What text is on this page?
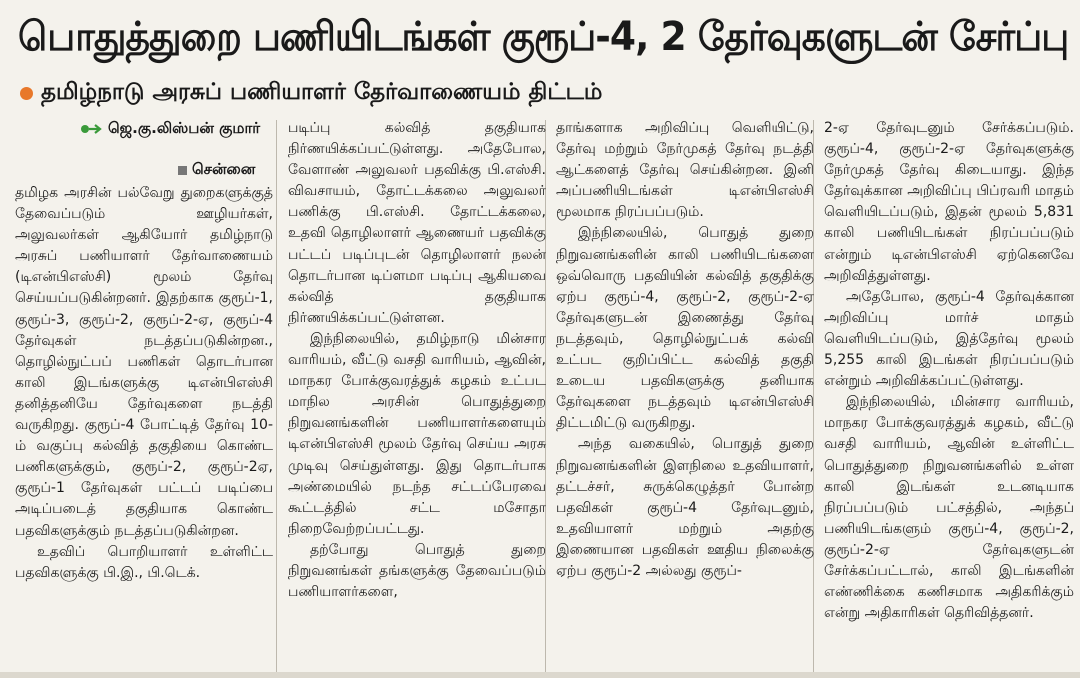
பொதுத்துறை பணியிடங்கள் குரூப்-4, 2 தேர்வுகளுடன் சேர்ப்பு
தமிழ்நாடு அரசுப் பணியாளர் தேர்வாணையம் திட்டம்
ஜெ.கு.லிஸ்பன் குமார்
சென்னை

தமிழக அரசின் பல்வேறு துறைகளுக்குத் தேவைப்படும் ஊழியர்கள், அலுவலர்கள் ஆகியோர் தமிழ்நாடு அரசுப் பணியாளர் தேர்வாணையம் (டிஎன்பிஎஸ்சி) மூலம் தேர்வு செய்யப்படுகின்றனர். இதற்காக குரூப்-1, குரூப்-3, குரூப்-2, குரூப்-2-ஏ, குரூப்-4 தேர்வுகள் நடத்தப்படுகின்றன., தொழில்நுட்பப் பணிகள் தொடர்பான காலி இடங்களுக்கு டிஎன்பிஎஸ்சி தனித்தனியே தேர்வுகளை நடத்தி வருகிறது. குரூப்-4 போட்டித் தேர்வு 10-ம் வகுப்பு கல்வித் தகுதியை கொண்ட பணிகளுக்கும், குரூப்-2, குரூப்-2ஏ, குரூப்-1 தேர்வுகள் பட்டப் படிப்பை அடிப்படைத் தகுதியாக கொண்ட பதவிகளுக்கும் நடத்தப்படுகின்றன.

உதவிப் பொறியாளர் உள்ளிட்ட பதவிகளுக்கு பி.இ., பி.டெக்.

படிப்பு கல்வித் தகுதியாக நிர்ணயிக்கப்பட்டுள்ளது. அதேபோல, வேளாண் அலுவலர் பதவிக்கு பி.எஸ்சி. விவசாயம், தோட்டக்கலை அலுவலர் பணிக்கு பி.எஸ்சி. தோட்டக்கலை, உதவி தொழிலாளர் ஆணையர் பதவிக்கு பட்டப் படிப்புடன் தொழிலாளர் நலன் தொடர்பான டிப்ளமா படிப்பு ஆகியவை கல்வித் தகுதியாக நிர்ணயிக்கப்பட்டுள்ளன.

இந்நிலையில், தமிழ்நாடு மின்சார வாரியம், வீட்டு வசதி வாரியம், ஆவின், மாநகர போக்குவரத்துக் கழகம் உட்பட மாநில அரசின் பொதுத்துறை நிறுவனங்களின் பணியாளர்களையும் டிஎன்பிஎஸ்சி மூலம் தேர்வு செய்ய அரசு முடிவு செய்துள்ளது. இது தொடர்பாக அண்மையில் நடந்த சட்டப்பேரவை கூட்டத்தில் சட்ட மசோதா நிறைவேற்றப்பட்டது.

தற்போது பொதுத் துறை நிறுவனங்கள் தங்களுக்கு தேவைப்படும் பணியாளர்களை,

தாங்களாக அறிவிப்பு வெளியிட்டு, தேர்வு மற்றும் நேர்முகத் தேர்வு நடத்தி ஆட்களைத் தேர்வு செய்கின்றன. இனி அப்பணியிடங்கள் டிஎன்பிஎஸ்சி மூலமாக நிரப்பப்படும்.

இந்நிலையில், பொதுத் துறை நிறுவனங்களின் காலி பணியிடங்களை ஒவ்வொரு பதவியின் கல்வித் தகுதிக்கு ஏற்ப குரூப்-4, குரூப்-2, குரூப்-2-ஏ தேர்வுகளுடன் இணைத்து தேர்வு நடத்தவும், தொழில்நுட்பக் கல்வி உட்பட குறிப்பிட்ட கல்வித் தகுதி உடைய பதவிகளுக்கு தனியாக தேர்வுகளை நடத்தவும் டிஎன்பிஎஸ்சி திட்டமிட்டு வருகிறது.

அந்த வகையில், பொதுத் துறை நிறுவனங்களின் இளநிலை உதவியாளர், தட்டச்சர், சுருக்கெழுத்தர் போன்ற பதவிகள் குரூப்-4 தேர்வுடனும், உதவியாளர் மற்றும் அதற்கு இணையான பதவிகள் ஊதிய நிலைக்கு ஏற்ப குரூப்-2 அல்லது குரூப்-

2-ஏ தேர்வுடனும் சேர்க்கப்படும். குரூப்-4, குரூப்-2-ஏ தேர்வுகளுக்கு நேர்முகத் தேர்வு கிடையாது. இந்த தேர்வுக்கான அறிவிப்பு பிப்ரவரி மாதம் வெளியிடப்படும், இதன் மூலம் 5,831 காலி பணியிடங்கள் நிரப்பப்படும் என்றும் டிஎன்பிஎஸ்சி ஏற்கெனவே அறிவித்துள்ளது.

அதேபோல, குரூப்-4 தேர்வுக்கான அறிவிப்பு மார்ச் மாதம் வெளியிடப்படும், இத்தேர்வு மூலம் 5,255 காலி இடங்கள் நிரப்பப்படும் என்றும் அறிவிக்கப்பட்டுள்ளது.

இந்நிலையில், மின்சார வாரியம், மாநகர போக்குவரத்துக் கழகம், வீட்டு வசதி வாரியம், ஆவின் உள்ளிட்ட பொதுத்துறை நிறுவனங்களில் உள்ள காலி இடங்கள் உடனடியாக நிரப்பப்படும் பட்சத்தில், அந்தப் பணியிடங்களும் குரூப்-4, குரூப்-2, குரூப்-2-ஏ தேர்வுகளுடன் சேர்க்கப்பட்டால், காலி இடங்களின் எண்ணிக்கை கணிசமாக அதிகரிக்கும் என்று அதிகாரிகள் தெரிவித்தனர்.
